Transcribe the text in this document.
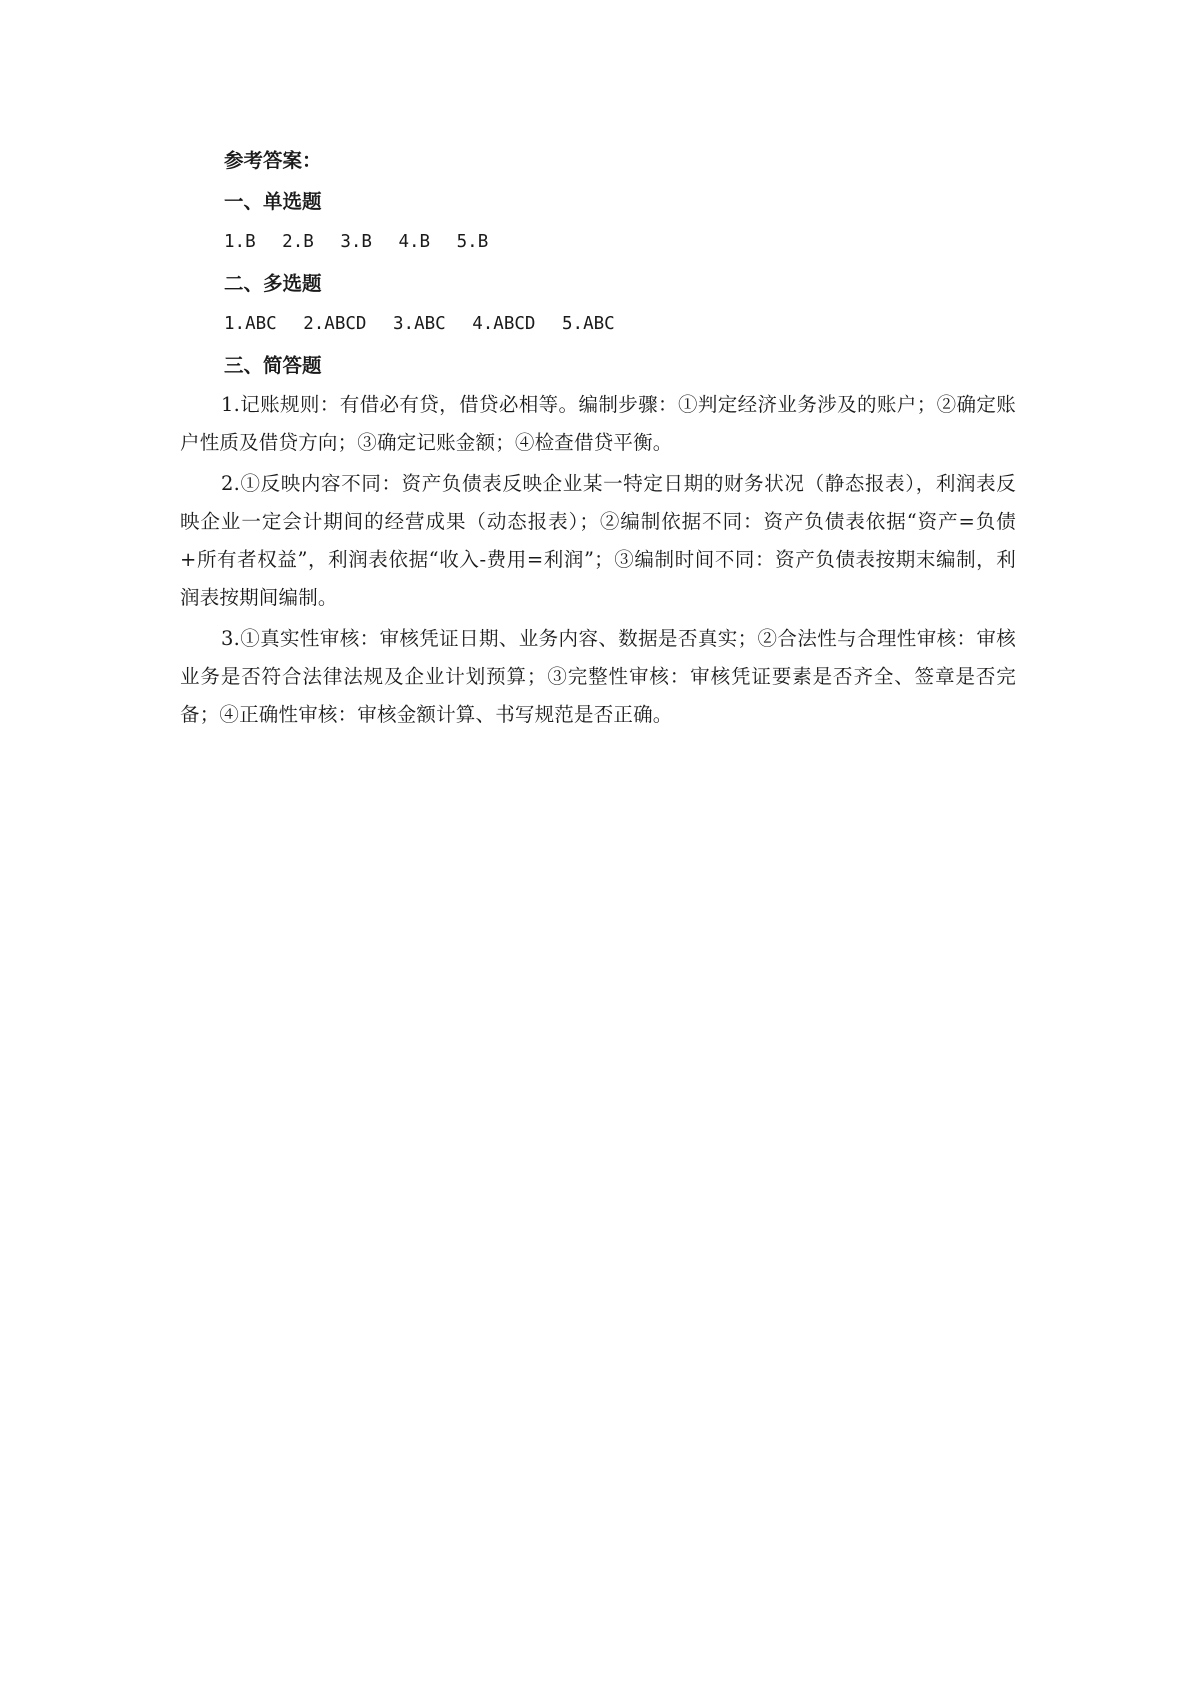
参考答案：
一、单选题
1.B 2.B 3.B 4.B 5.B
二、多选题
1.ABC 2.ABCD 3.ABC 4.ABCD 5.ABC
三、简答题

1.记账规则：有借必有贷，借贷必相等。编制步骤：①判定经济业务涉及的账户；②确定账户性质及借贷方向；③确定记账金额；④检查借贷平衡。

2.①反映内容不同：资产负债表反映企业某一特定日期的财务状况（静态报表），利润表反映企业一定会计期间的经营成果（动态报表）；②编制依据不同：资产负债表依据“资产=负债+所有者权益”，利润表依据“收入-费用=利润”；③编制时间不同：资产负债表按期末编制，利润表按期间编制。

3.①真实性审核：审核凭证日期、业务内容、数据是否真实；②合法性与合理性审核：审核业务是否符合法律法规及企业计划预算；③完整性审核：审核凭证要素是否齐全、签章是否完备；④正确性审核：审核金额计算、书写规范是否正确。
